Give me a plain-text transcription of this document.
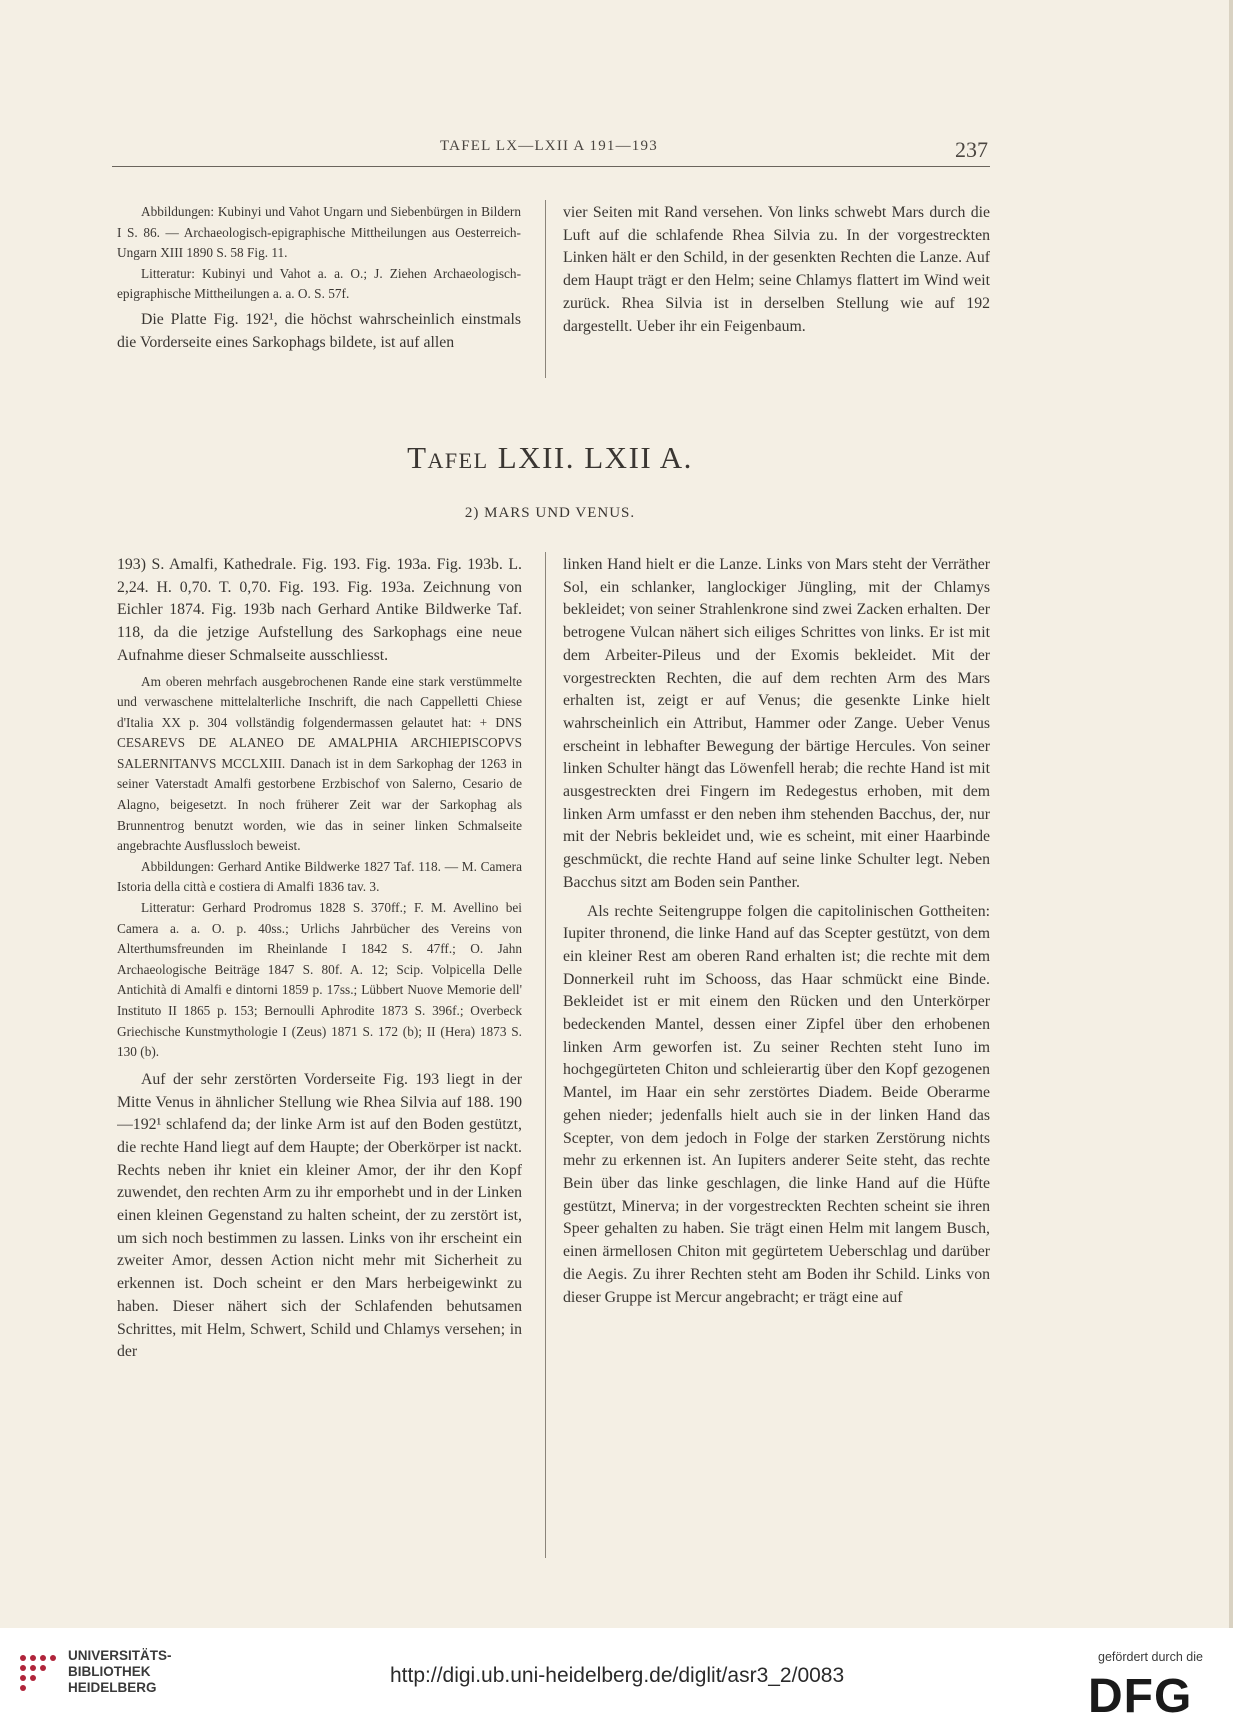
TAFEL LX—LXII A 191—193	237

Abbildungen: Kubinyi und Vahot Ungarn und Siebenbürgen in Bildern I S. 86. — Archaeologisch-epigraphische Mittheilungen aus Oesterreich-Ungarn XIII 1890 S. 58 Fig. 11.

Litteratur: Kubinyi und Vahot a. a. O.; J. Ziehen Archaeologisch-epigraphische Mittheilungen a. a. O. S. 57f.

Die Platte Fig. 192¹, die höchst wahrscheinlich einstmals die Vorderseite eines Sarkophags bildete, ist auf allen

vier Seiten mit Rand versehen. Von links schwebt Mars durch die Luft auf die schlafende Rhea Silvia zu. In der vorgestreckten Linken hält er den Schild, in der gesenkten Rechten die Lanze. Auf dem Haupt trägt er den Helm; seine Chlamys flattert im Wind weit zurück. Rhea Silvia ist in derselben Stellung wie auf 192 dargestellt. Ueber ihr ein Feigenbaum.

Tafel LXII. LXII A.
2) MARS UND VENUS.

193) S. Amalfi, Kathedrale. Fig. 193. Fig. 193a. Fig. 193b. L. 2,24. H. 0,70. T. 0,70. Fig. 193. Fig. 193a. Zeichnung von Eichler 1874. Fig. 193b nach Gerhard Antike Bildwerke Taf. 118, da die jetzige Aufstellung des Sarkophags eine neue Aufnahme dieser Schmalseite ausschliesst.

Am oberen mehrfach ausgebrochenen Rande eine stark verstümmelte und verwaschene mittelalterliche Inschrift, die nach Cappelletti Chiese d'Italia XX p. 304 vollständig folgendermassen gelautet hat: + DNS CESAREVS DE ALANEO DE AMALPHIA ARCHIEPISCOPVS SALERNITANVS MCCLXIII. Danach ist in dem Sarkophag der 1263 in seiner Vaterstadt Amalfi gestorbene Erzbischof von Salerno, Cesario de Alagno, beigesetzt. In noch früherer Zeit war der Sarkophag als Brunnentrog benutzt worden, wie das in seiner linken Schmalseite angebrachte Ausflussloch beweist.

Abbildungen: Gerhard Antike Bildwerke 1827 Taf. 118. — M. Camera Istoria della città e costiera di Amalfi 1836 tav. 3.

Litteratur: Gerhard Prodromus 1828 S. 370ff.; F. M. Avellino bei Camera a. a. O. p. 40ss.; Urlichs Jahrbücher des Vereins von Alterthumsfreunden im Rheinlande I 1842 S. 47ff.; O. Jahn Archaeologische Beiträge 1847 S. 80f. A. 12; Scip. Volpicella Delle Antichità di Amalfi e dintorni 1859 p. 17ss.; Lübbert Nuove Memorie dell' Instituto II 1865 p. 153; Bernoulli Aphrodite 1873 S. 396f.; Overbeck Griechische Kunstmythologie I (Zeus) 1871 S. 172 (b); II (Hera) 1873 S. 130 (b).

Auf der sehr zerstörten Vorderseite Fig. 193 liegt in der Mitte Venus in ähnlicher Stellung wie Rhea Silvia auf 188. 190—192¹ schlafend da; der linke Arm ist auf den Boden gestützt, die rechte Hand liegt auf dem Haupte; der Oberkörper ist nackt. Rechts neben ihr kniet ein kleiner Amor, der ihr den Kopf zuwendet, den rechten Arm zu ihr emporhebt und in der Linken einen kleinen Gegenstand zu halten scheint, der zu zerstört ist, um sich noch bestimmen zu lassen. Links von ihr erscheint ein zweiter Amor, dessen Action nicht mehr mit Sicherheit zu erkennen ist. Doch scheint er den Mars herbeigewinkt zu haben. Dieser nähert sich der Schlafenden behutsamen Schrittes, mit Helm, Schwert, Schild und Chlamys versehen; in der

linken Hand hielt er die Lanze. Links von Mars steht der Verräther Sol, ein schlanker, langlockiger Jüngling, mit der Chlamys bekleidet; von seiner Strahlenkrone sind zwei Zacken erhalten. Der betrogene Vulcan nähert sich eiliges Schrittes von links. Er ist mit dem Arbeiter-Pileus und der Exomis bekleidet. Mit der vorgestreckten Rechten, die auf dem rechten Arm des Mars erhalten ist, zeigt er auf Venus; die gesenkte Linke hielt wahrscheinlich ein Attribut, Hammer oder Zange. Ueber Venus erscheint in lebhafter Bewegung der bärtige Hercules. Von seiner linken Schulter hängt das Löwenfell herab; die rechte Hand ist mit ausgestreckten drei Fingern im Redegestus erhoben, mit dem linken Arm umfasst er den neben ihm stehenden Bacchus, der, nur mit der Nebris bekleidet und, wie es scheint, mit einer Haarbinde geschmückt, die rechte Hand auf seine linke Schulter legt. Neben Bacchus sitzt am Boden sein Panther.

Als rechte Seitengruppe folgen die capitolinischen Gottheiten: Iupiter thronend, die linke Hand auf das Scepter gestützt, von dem ein kleiner Rest am oberen Rand erhalten ist; die rechte mit dem Donnerkeil ruht im Schooss, das Haar schmückt eine Binde. Bekleidet ist er mit einem den Rücken und den Unterkörper bedeckenden Mantel, dessen einer Zipfel über den erhobenen linken Arm geworfen ist. Zu seiner Rechten steht Iuno im hochgegürteten Chiton und schleierartig über den Kopf gezogenen Mantel, im Haar ein sehr zerstörtes Diadem. Beide Oberarme gehen nieder; jedenfalls hielt auch sie in der linken Hand das Scepter, von dem jedoch in Folge der starken Zerstörung nichts mehr zu erkennen ist. An Iupiters anderer Seite steht, das rechte Bein über das linke geschlagen, die linke Hand auf die Hüfte gestützt, Minerva; in der vorgestreckten Rechten scheint sie ihren Speer gehalten zu haben. Sie trägt einen Helm mit langem Busch, einen ärmellosen Chiton mit gegürtetem Ueberschlag und darüber die Aegis. Zu ihrer Rechten steht am Boden ihr Schild. Links von dieser Gruppe ist Mercur angebracht; er trägt eine auf

UNIVERSITÄTS-
BIBLIOTHEK
HEIDELBERG
http://digi.ub.uni-heidelberg.de/diglit/asr3_2/0083
gefördert durch die
DFG
